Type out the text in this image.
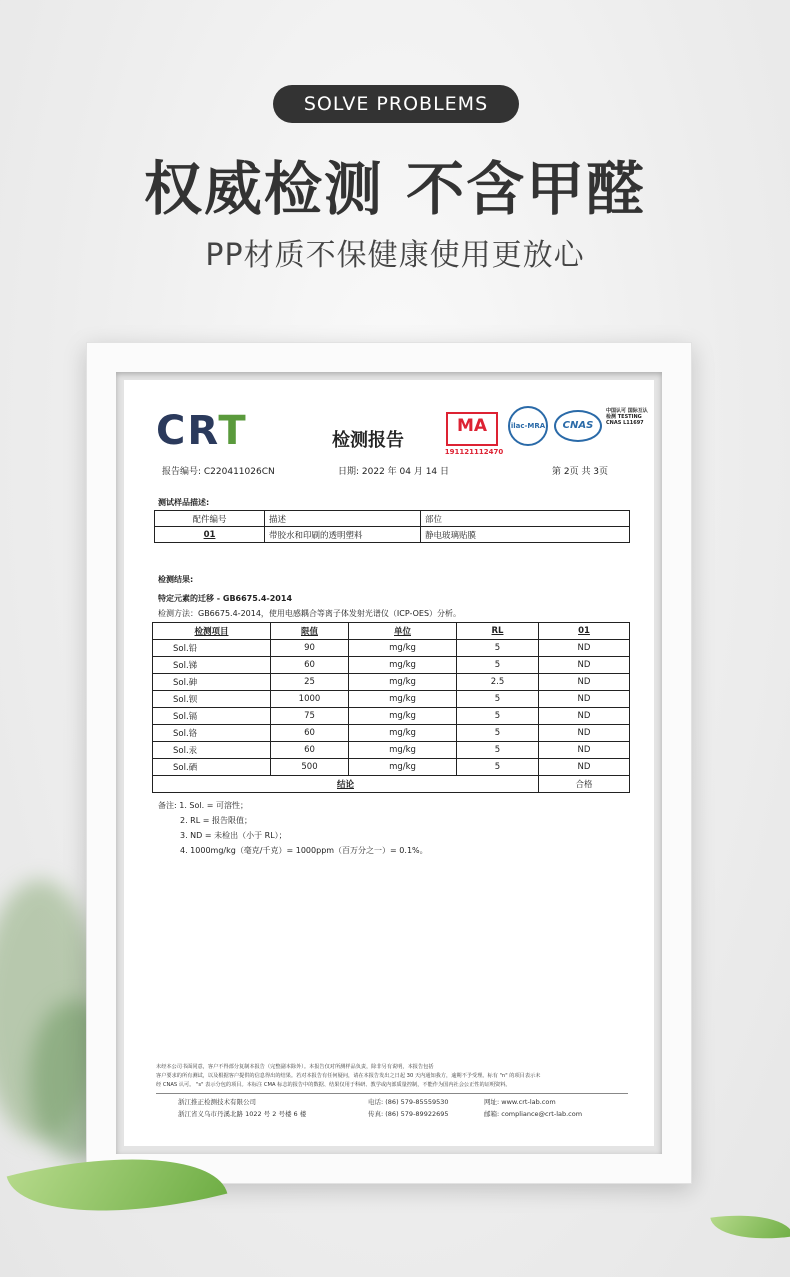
SOLVE PROBLEMS
权威检测 不含甲醛
PP材质不保健康使用更放心
CRT	检测报告
MA
191121112470
ilac-MRA	CNAS
中国认可 国际互认 检测 TESTING CNAS L11697
报告编号: C220411026CN	日期: 2022 年 04 月 14 日	第 2页 共 3页
测试样品描述:
配件编号	描述	部位
01	带胶水和印刷的透明塑料	静电玻璃贴膜
检测结果:
特定元素的迁移 - GB6675.4-2014
检测方法：GB6675.4-2014，使用电感耦合等离子体发射光谱仪（ICP-OES）分析。
检测项目	限值	单位	RL	01
Sol.铅	90	mg/kg	5	ND
Sol.锑	60	mg/kg	5	ND
Sol.砷	25	mg/kg	2.5	ND
Sol.钡	1000	mg/kg	5	ND
Sol.镉	75	mg/kg	5	ND
Sol.铬	60	mg/kg	5	ND
Sol.汞	60	mg/kg	5	ND
Sol.硒	500	mg/kg	5	ND
结论				合格
备注: 1. Sol. = 可溶性；
2. RL = 报告限值；
3. ND = 未检出（小于 RL）；
4. 1000mg/kg（毫克/千克）= 1000ppm（百万分之一）= 0.1%。
未经本公司书面同意，客户不得部分复制本报告（完整副本除外）。本报告仅对所测样品负责，除非另有说明，本报告包括
客户要求的所有测试，以及根据客户提供的信息得出的结果。若对本报告有任何疑问，请在本报告发出之日起 30 天内通知我方，逾期不予受理。标有 "n" 的项目表示未
经 CNAS 认可。 "s" 表示分包的项目。本标注 CMA 标志的报告中的数据、结果仅用于科研、教学或内部质量控制，不能作为国内社会公正性的证明资料。
浙江推正检测技术有限公司
浙江省义乌市丹溪北路 1022 号 2 号楼 6 楼
电话: (86) 579-85559530
传真: (86) 579-89922695
网址: www.crt-lab.com
邮箱: compliance@crt-lab.com
